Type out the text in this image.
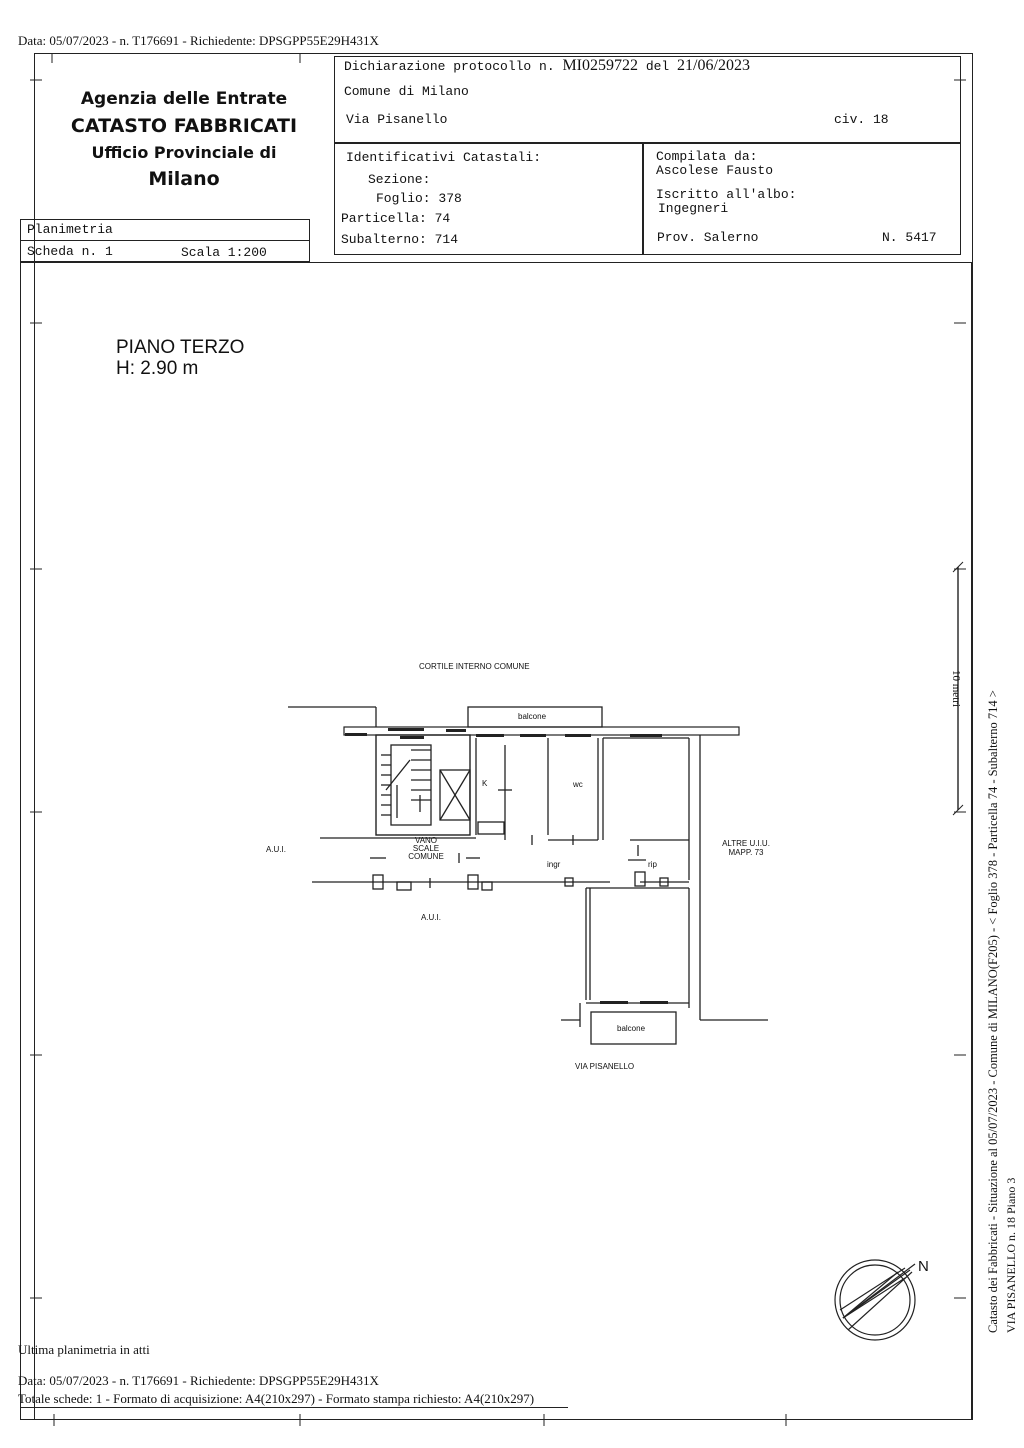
Data: 05/07/2023 - n. T176691 - Richiedente: DPSGPP55E29H431X
Agenzia delle Entrate
CATASTO FABBRICATI
Ufficio Provinciale di
Milano
Dichiarazione protocollo n. MI0259722 del 21/06/2023
Comune di Milano
Via Pisanello	civ. 18
Identificativi Catastali:
Sezione:
Foglio: 378
Particella: 74
Subalterno: 714
Compilata da:
Ascolese Fausto
Iscritto all'albo:
Ingegneri
Prov. Salerno	N. 5417
Planimetria
Scheda n. 1	Scala 1:200
PIANO TERZO
H: 2.90 m
CORTILE INTERNO COMUNE
balcone
balcone
A.U.I.
A.U.I.
VANO
SCALE
COMUNE
K	wc
ingr	rip
ALTRE U.I.U.
MAPP. 73
VIA PISANELLO
N	Catasto dei Fabbricati - Situazione al 05/07/2023 - Comune di MILANO(F205) - < Foglio 378 - Particella 74 - Subalterno 714 > VIA PISANELLO n. 18 Piano 3
10 metri
Ultima planimetria in atti
Data: 05/07/2023 - n. T176691 - Richiedente: DPSGPP55E29H431X
Totale schede: 1 - Formato di acquisizione: A4(210x297) - Formato stampa richiesto: A4(210x297)
